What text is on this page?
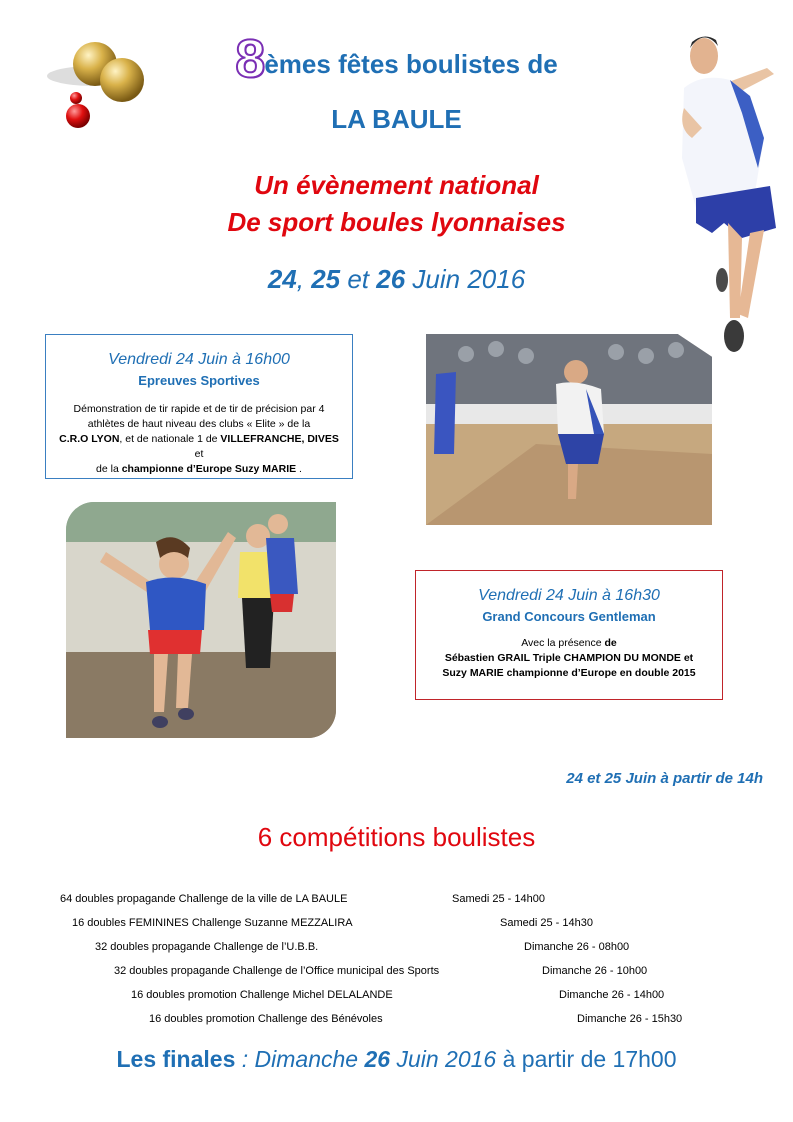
8èmes fêtes boulistes de
LA BAULE
Un évènement national
De sport boules lyonnaises
24, 25 et 26 Juin 2016
Vendredi 24 Juin à 16h00
Epreuves Sportives
Démonstration de tir rapide et de tir de précision par 4 athlètes de haut niveau des clubs « Elite » de la
C.R.O LYON, et de nationale 1 de VILLEFRANCHE, DIVES et
de la championne d’Europe Suzy MARIE .
Vendredi 24 Juin à 16h30
Grand Concours Gentleman
Avec la présence de
Sébastien GRAIL Triple CHAMPION DU MONDE et
Suzy MARIE championne d’Europe en double 2015
24 et 25 Juin à partir de 14h
6 compétitions boulistes
64 doubles propagande Challenge de la ville de LA BAULE	Samedi 25 - 14h00
16 doubles FEMININES Challenge Suzanne MEZZALIRA	Samedi 25 - 14h30
32 doubles propagande Challenge de l’U.B.B.	Dimanche 26 - 08h00
32 doubles propagande Challenge de l’Office municipal des Sports	Dimanche 26 - 10h00
16 doubles promotion Challenge Michel DELALANDE	Dimanche 26 - 14h00
16 doubles promotion Challenge des Bénévoles	Dimanche 26 - 15h30
Les finales : Dimanche 26 Juin 2016 à partir de 17h00
